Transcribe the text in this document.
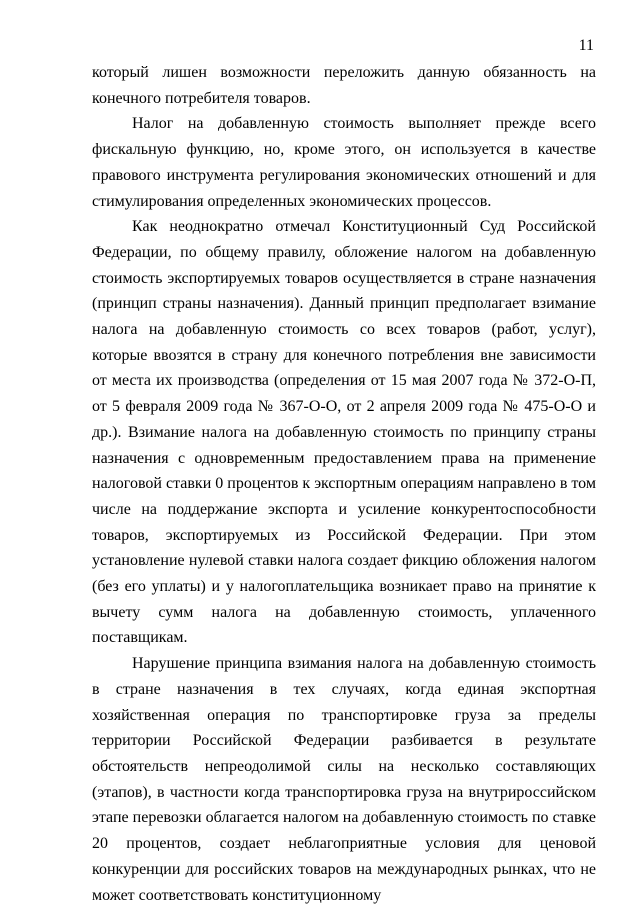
11

который лишен возможности переложить данную обязанность на конечного потребителя товаров.

Налог на добавленную стоимость выполняет прежде всего фискальную функцию, но, кроме этого, он используется в качестве правового инструмента регулирования экономических отношений и для стимулирования определенных экономических процессов.

Как неоднократно отмечал Конституционный Суд Российской Федерации, по общему правилу, обложение налогом на добавленную стоимость экспортируемых товаров осуществляется в стране назначения (принцип страны назначения). Данный принцип предполагает взимание налога на добавленную стоимость со всех товаров (работ, услуг), которые ввозятся в страну для конечного потребления вне зависимости от места их производства (определения от 15 мая 2007 года № 372-О-П, от 5 февраля 2009 года № 367-О-О, от 2 апреля 2009 года № 475-О-О и др.). Взимание налога на добавленную стоимость по принципу страны назначения с одновременным предоставлением права на применение налоговой ставки 0 процентов к экспортным операциям направлено в том числе на поддержание экспорта и усиление конкурентоспособности товаров, экспортируемых из Российской Федерации. При этом установление нулевой ставки налога создает фикцию обложения налогом (без его уплаты) и у налогоплательщика возникает право на принятие к вычету сумм налога на добавленную стоимость, уплаченного поставщикам.

Нарушение принципа взимания налога на добавленную стоимость в стране назначения в тех случаях, когда единая экспортная хозяйственная операция по транспортировке груза за пределы территории Российской Федерации разбивается в результате обстоятельств непреодолимой силы на несколько составляющих (этапов), в частности когда транспортировка груза на внутрироссийском этапе перевозки облагается налогом на добавленную стоимость по ставке 20 процентов, создает неблагоприятные условия для ценовой конкуренции для российских товаров на международных рынках, что не может соответствовать конституционному
